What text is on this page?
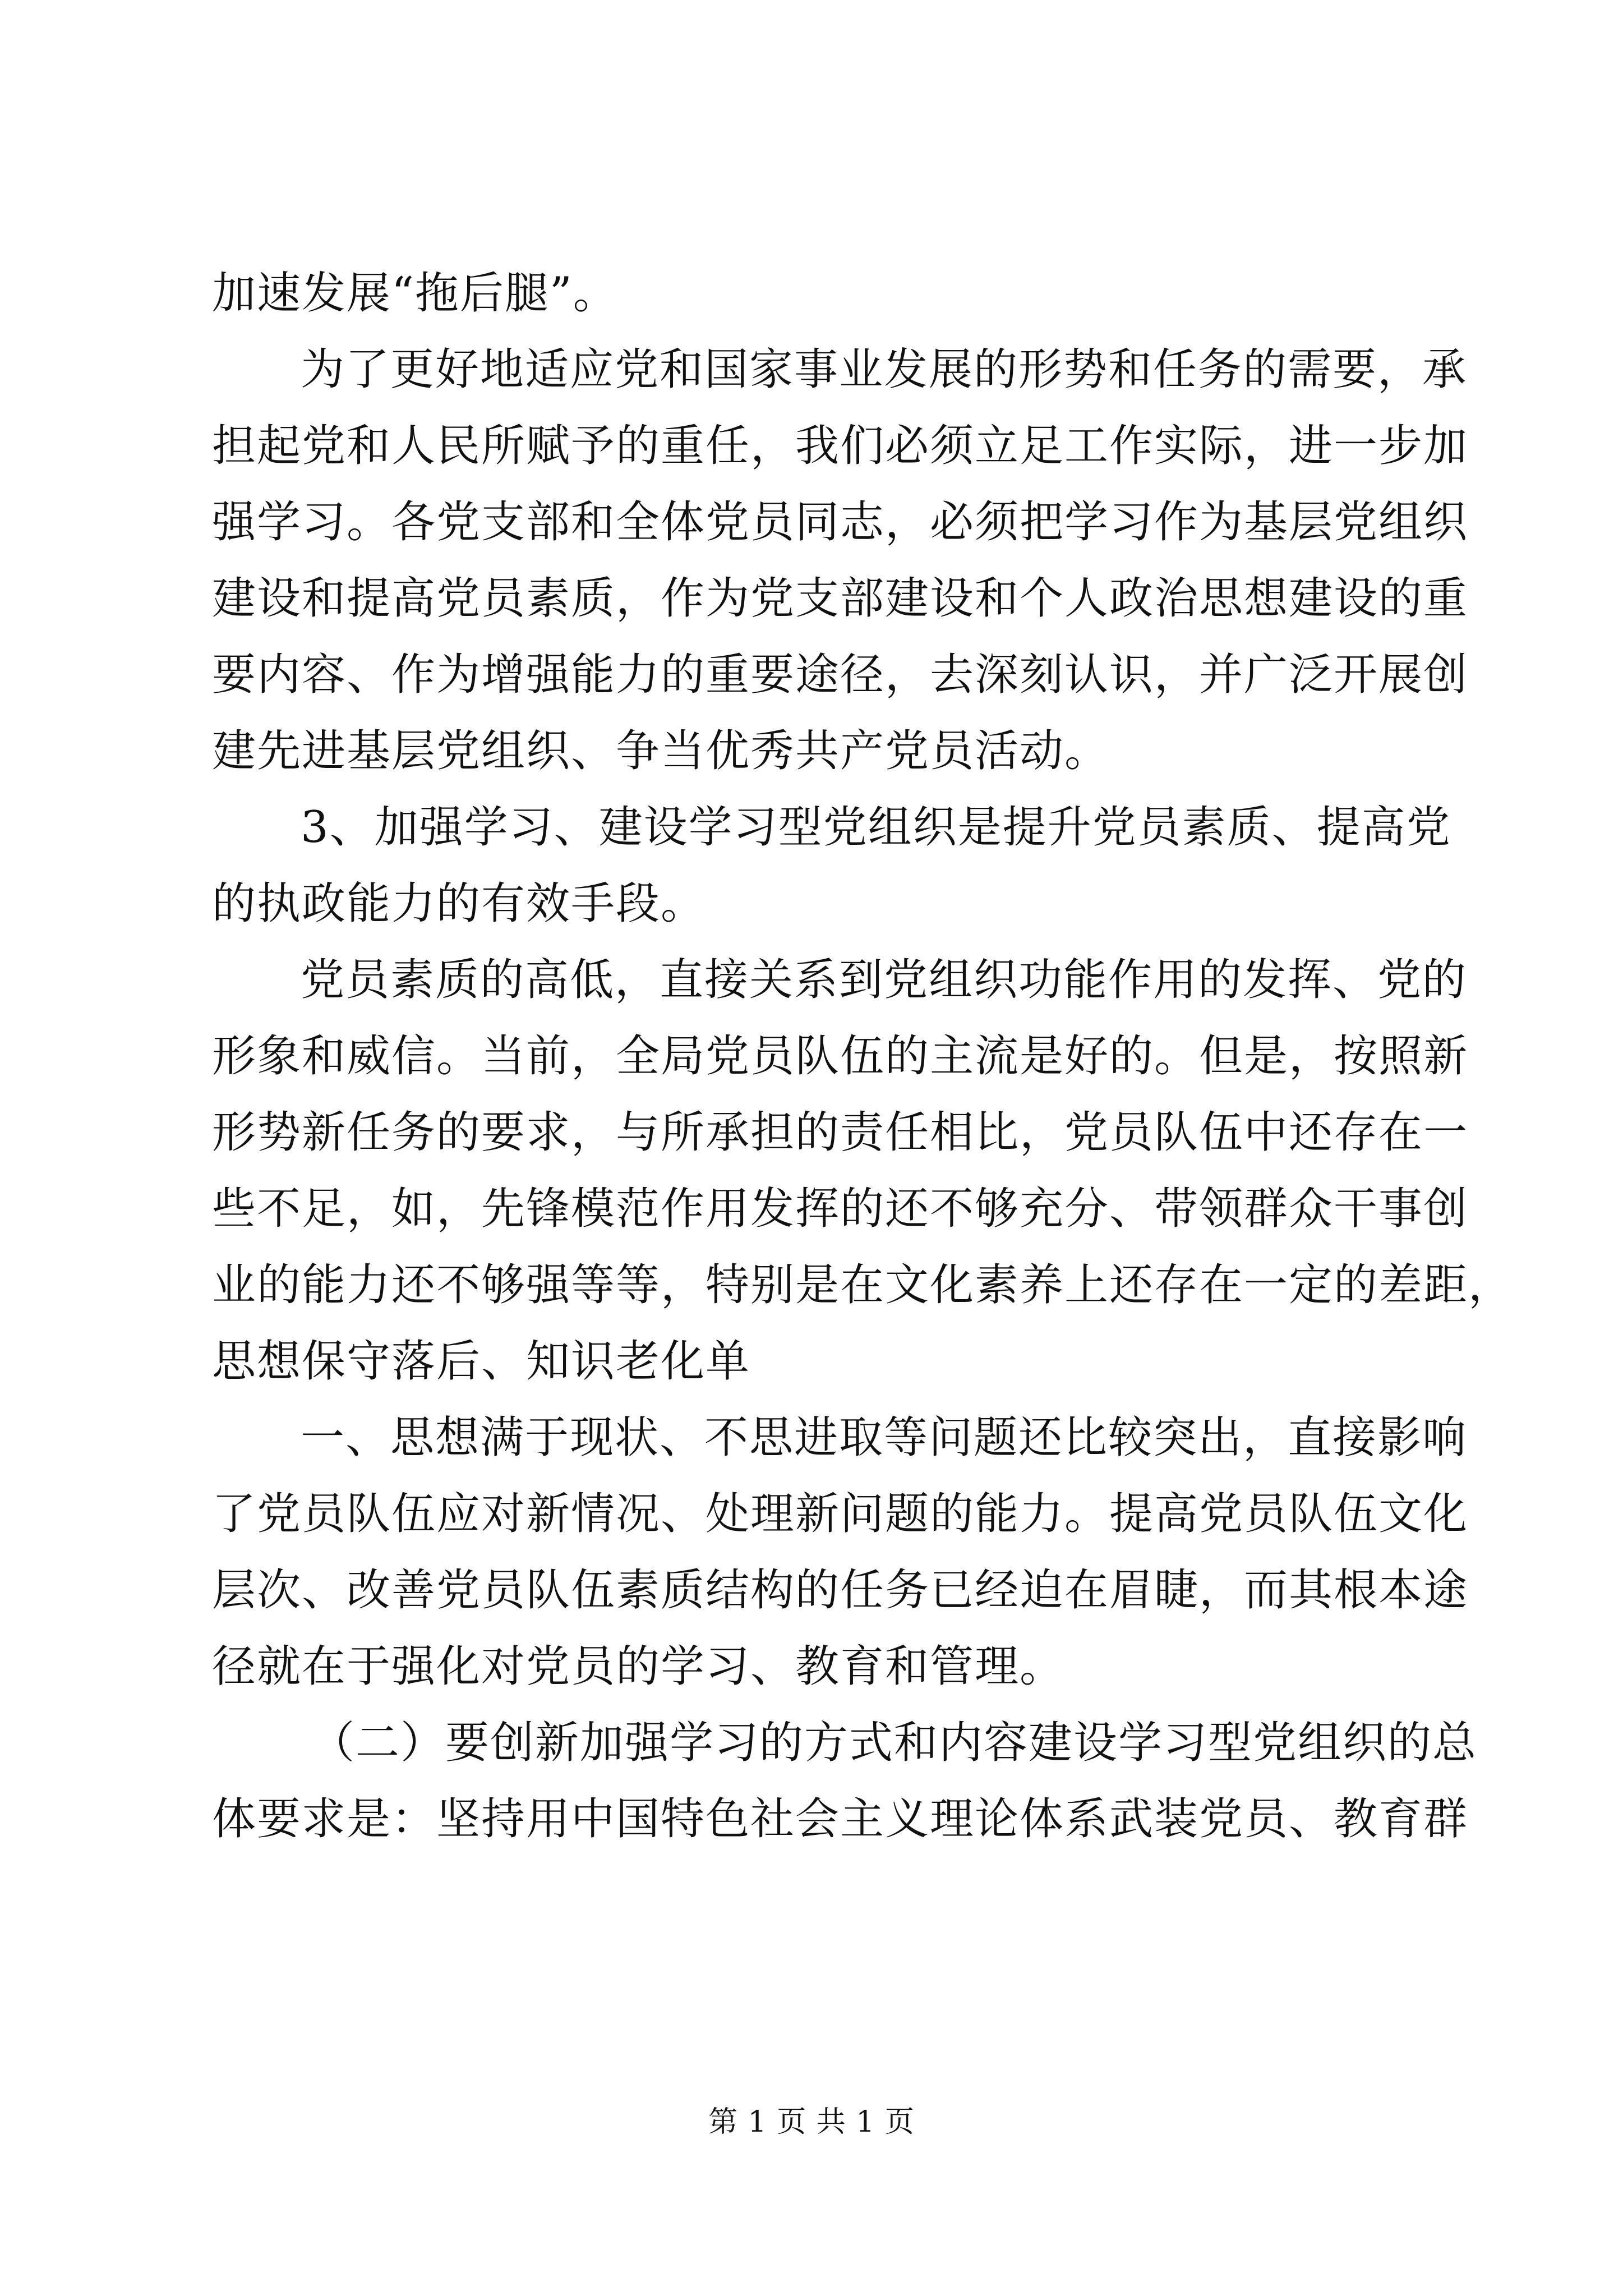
加速发展“拖后腿”。
为了更好地适应党和国家事业发展的形势和任务的需要，承
担起党和人民所赋予的重任，我们必须立足工作实际，进一步加
强学习。各党支部和全体党员同志，必须把学习作为基层党组织
建设和提高党员素质，作为党支部建设和个人政治思想建设的重
要内容、作为增强能力的重要途径，去深刻认识，并广泛开展创
建先进基层党组织、争当优秀共产党员活动。
3、加强学习、建设学习型党组织是提升党员素质、提高党
的执政能力的有效手段。
党员素质的高低，直接关系到党组织功能作用的发挥、党的
形象和威信。当前，全局党员队伍的主流是好的。但是，按照新
形势新任务的要求，与所承担的责任相比，党员队伍中还存在一
些不足，如，先锋模范作用发挥的还不够充分、带领群众干事创
业的能力还不够强等等，特别是在文化素养上还存在一定的差距，
思想保守落后、知识老化单
一、思想满于现状、不思进取等问题还比较突出，直接影响
了党员队伍应对新情况、处理新问题的能力。提高党员队伍文化
层次、改善党员队伍素质结构的任务已经迫在眉睫，而其根本途
径就在于强化对党员的学习、教育和管理。
（二）要创新加强学习的方式和内容建设学习型党组织的总
体要求是：坚持用中国特色社会主义理论体系武装党员、教育群
第 1 页 共 1 页
